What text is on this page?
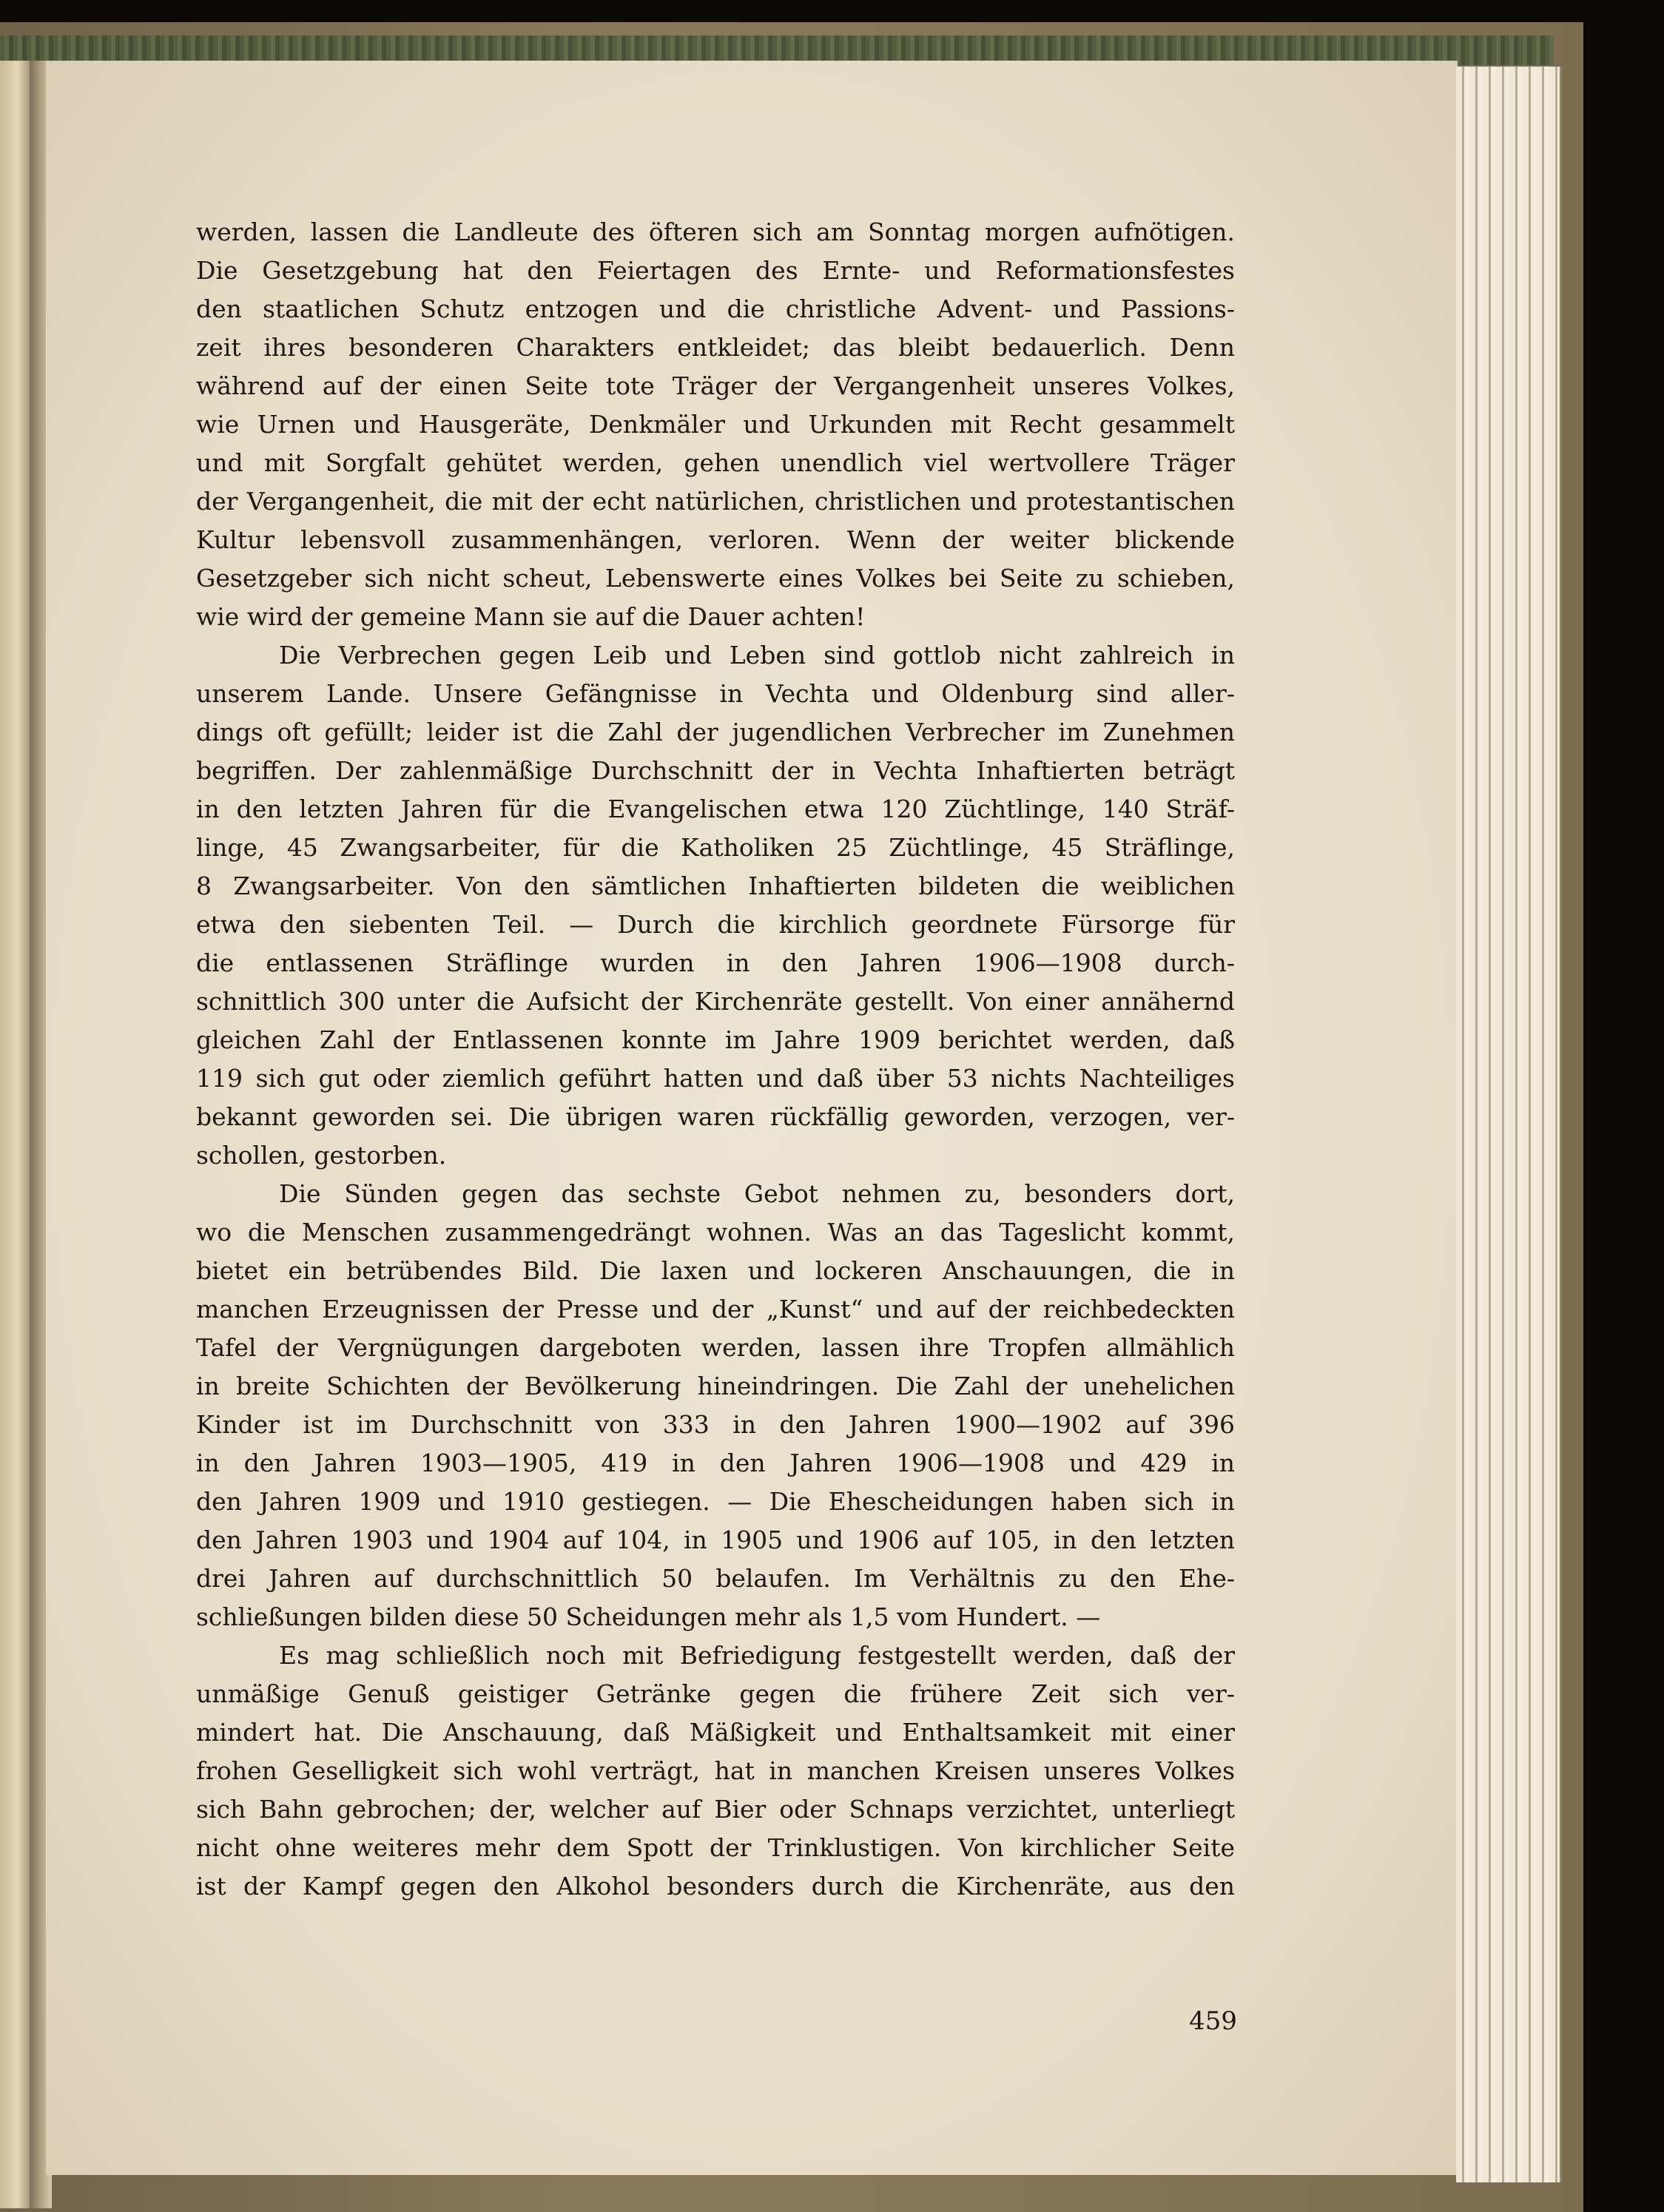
werden, lassen die Landleute des öfteren sich am Sonntag morgen aufnötigen.
Die Gesetzgebung hat den Feiertagen des Ernte- und Reformationsfestes
den staatlichen Schutz entzogen und die christliche Advent- und Passions-
zeit ihres besonderen Charakters entkleidet; das bleibt bedauerlich. Denn
während auf der einen Seite tote Träger der Vergangenheit unseres Volkes,
wie Urnen und Hausgeräte, Denkmäler und Urkunden mit Recht gesammelt
und mit Sorgfalt gehütet werden, gehen unendlich viel wertvollere Träger
der Vergangenheit, die mit der echt natürlichen, christlichen und protestantischen
Kultur lebensvoll zusammenhängen, verloren. Wenn der weiter blickende
Gesetzgeber sich nicht scheut, Lebenswerte eines Volkes bei Seite zu schieben,
wie wird der gemeine Mann sie auf die Dauer achten!

Die Verbrechen gegen Leib und Leben sind gottlob nicht zahlreich in
unserem Lande. Unsere Gefängnisse in Vechta und Oldenburg sind aller-
dings oft gefüllt; leider ist die Zahl der jugendlichen Verbrecher im Zunehmen
begriffen. Der zahlenmäßige Durchschnitt der in Vechta Inhaftierten beträgt
in den letzten Jahren für die Evangelischen etwa 120 Züchtlinge, 140 Sträf-
linge, 45 Zwangsarbeiter, für die Katholiken 25 Züchtlinge, 45 Sträflinge,
8 Zwangsarbeiter. Von den sämtlichen Inhaftierten bildeten die weiblichen
etwa den siebenten Teil. — Durch die kirchlich geordnete Fürsorge für
die entlassenen Sträflinge wurden in den Jahren 1906—1908 durch-
schnittlich 300 unter die Aufsicht der Kirchenräte gestellt. Von einer annähernd
gleichen Zahl der Entlassenen konnte im Jahre 1909 berichtet werden, daß
119 sich gut oder ziemlich geführt hatten und daß über 53 nichts Nachteiliges
bekannt geworden sei. Die übrigen waren rückfällig geworden, verzogen, ver-
schollen, gestorben.

Die Sünden gegen das sechste Gebot nehmen zu, besonders dort,
wo die Menschen zusammengedrängt wohnen. Was an das Tageslicht kommt,
bietet ein betrübendes Bild. Die laxen und lockeren Anschauungen, die in
manchen Erzeugnissen der Presse und der „Kunst“ und auf der reichbedeckten
Tafel der Vergnügungen dargeboten werden, lassen ihre Tropfen allmählich
in breite Schichten der Bevölkerung hineindringen. Die Zahl der unehelichen
Kinder ist im Durchschnitt von 333 in den Jahren 1900—1902 auf 396
in den Jahren 1903—1905, 419 in den Jahren 1906—1908 und 429 in
den Jahren 1909 und 1910 gestiegen. — Die Ehescheidungen haben sich in
den Jahren 1903 und 1904 auf 104, in 1905 und 1906 auf 105, in den letzten
drei Jahren auf durchschnittlich 50 belaufen. Im Verhältnis zu den Ehe-
schließungen bilden diese 50 Scheidungen mehr als 1,5 vom Hundert. —

Es mag schließlich noch mit Befriedigung festgestellt werden, daß der
unmäßige Genuß geistiger Getränke gegen die frühere Zeit sich ver-
mindert hat. Die Anschauung, daß Mäßigkeit und Enthaltsamkeit mit einer
frohen Geselligkeit sich wohl verträgt, hat in manchen Kreisen unseres Volkes
sich Bahn gebrochen; der, welcher auf Bier oder Schnaps verzichtet, unterliegt
nicht ohne weiteres mehr dem Spott der Trinklustigen. Von kirchlicher Seite
ist der Kampf gegen den Alkohol besonders durch die Kirchenräte, aus den

459
